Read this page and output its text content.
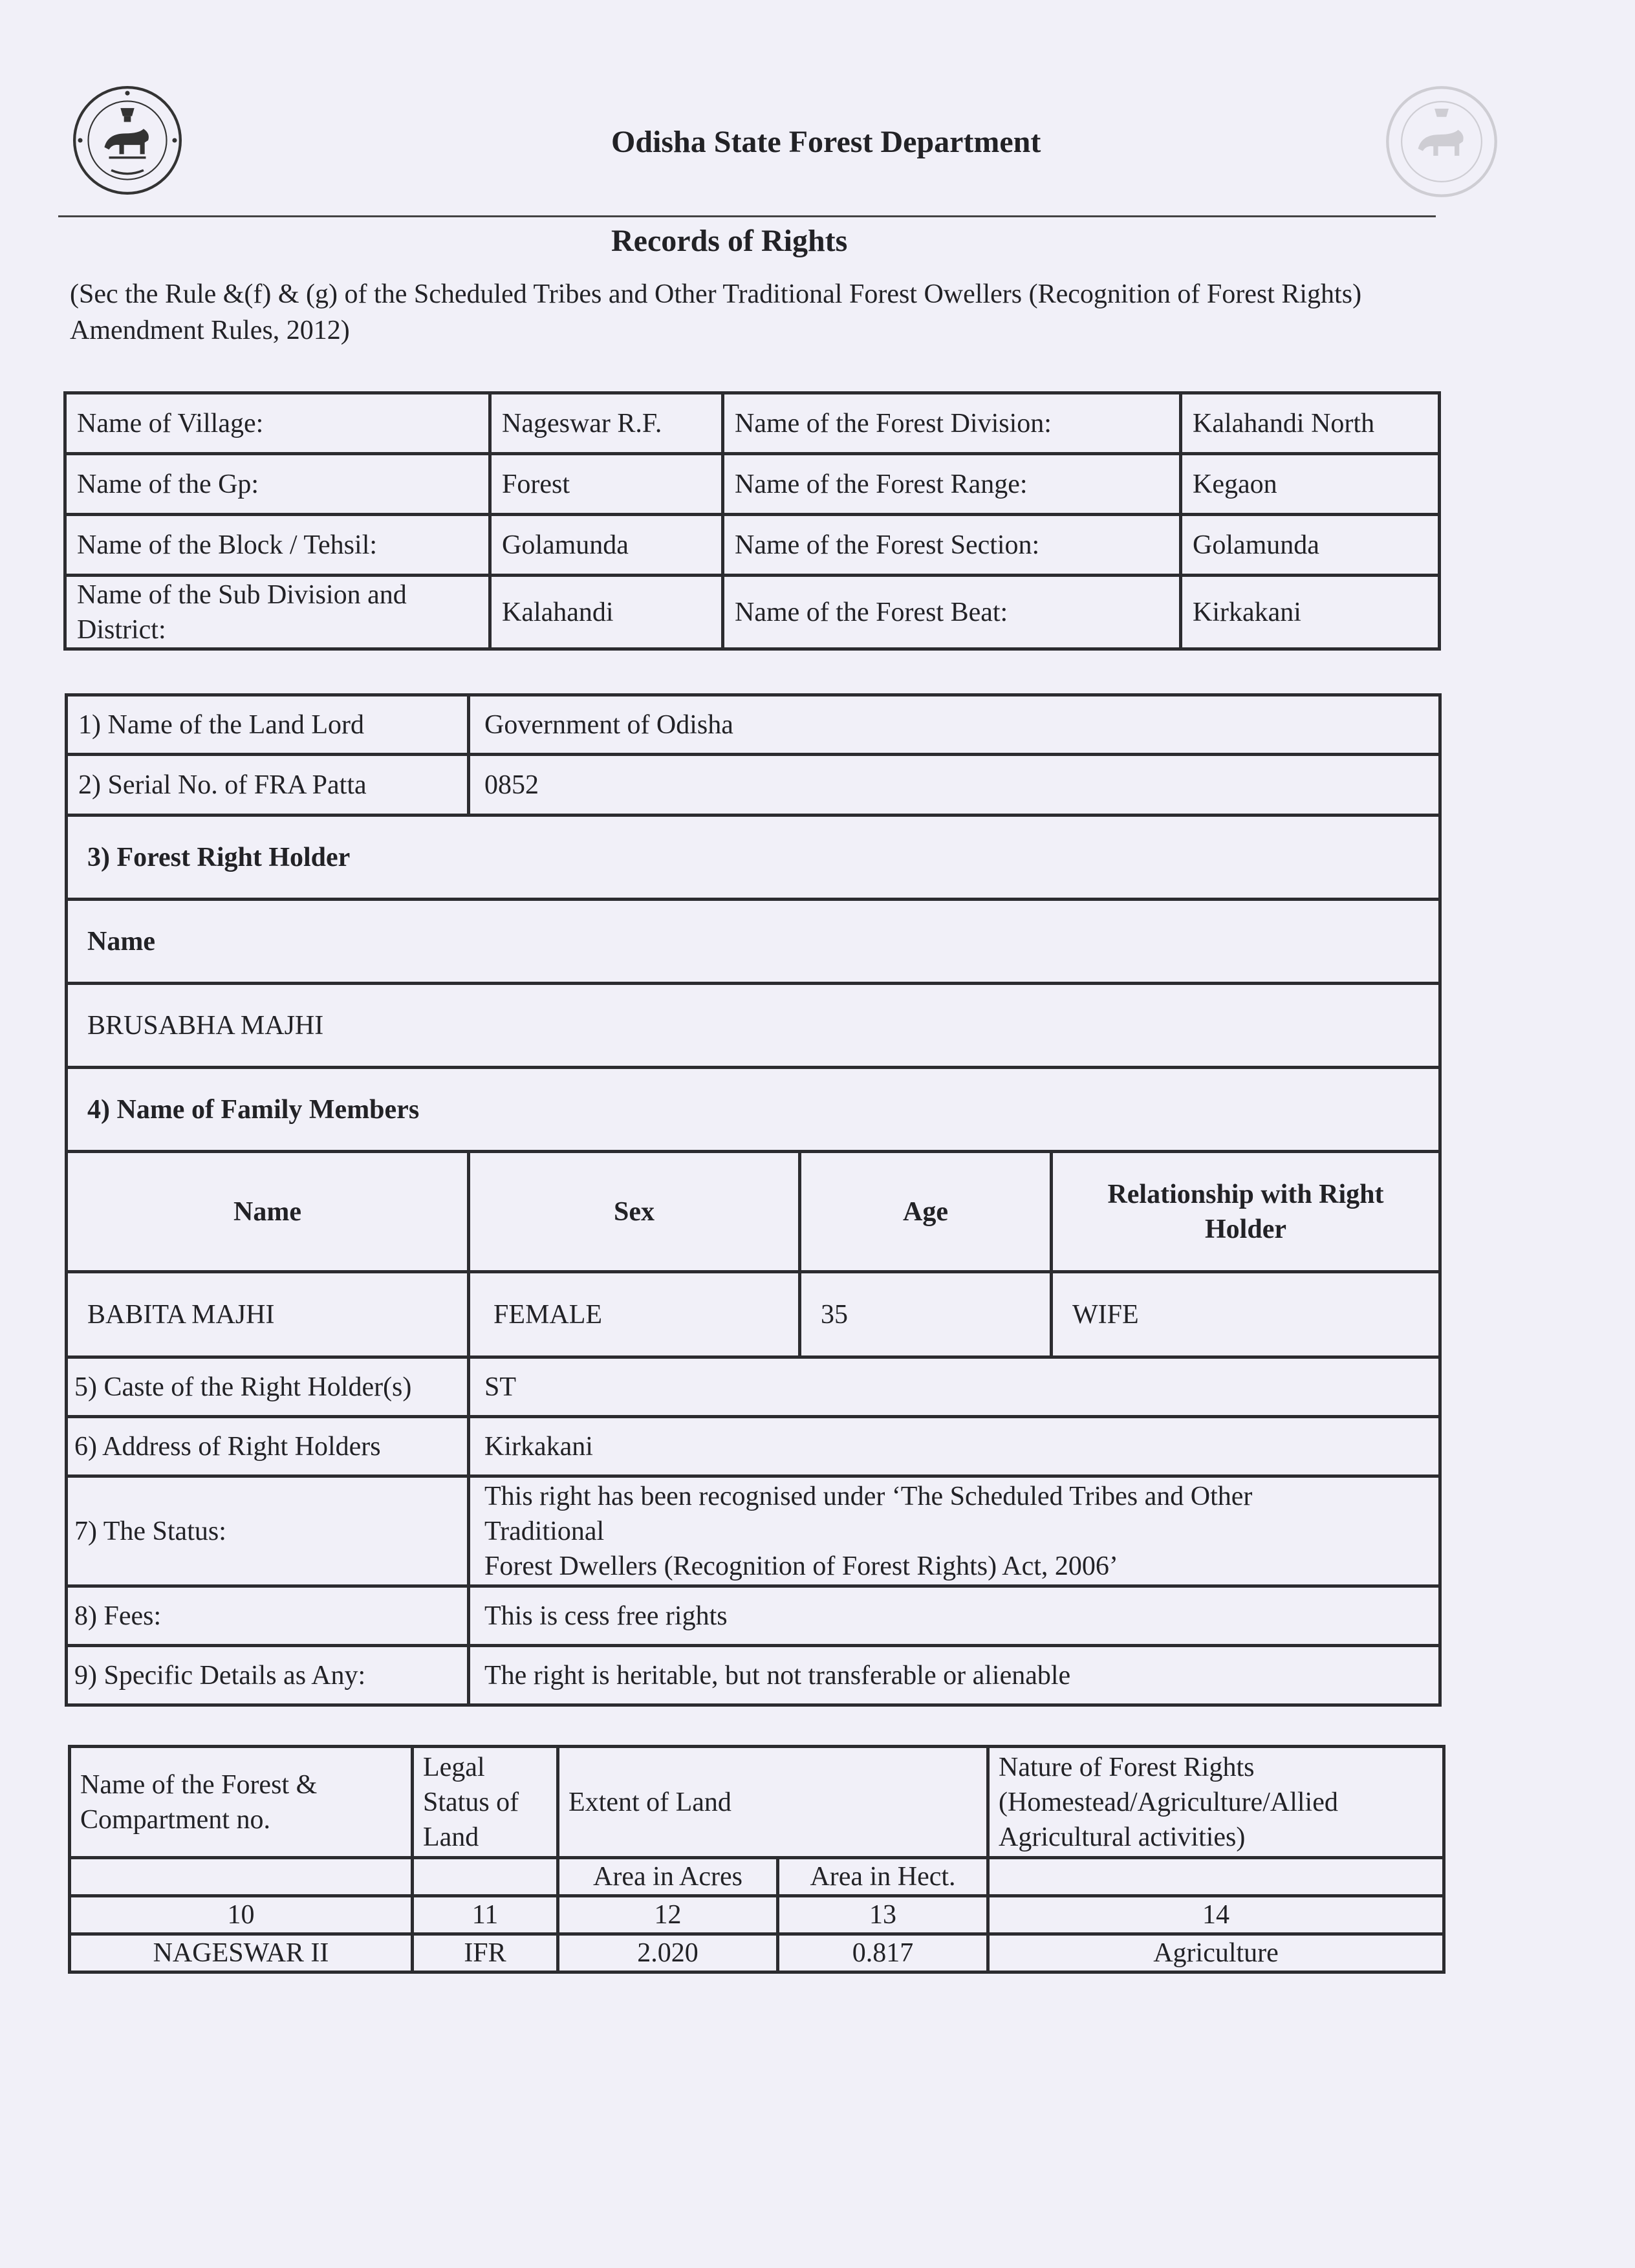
Odisha State Forest Department
Records of Rights
(Sec the Rule &(f) & (g) of the Scheduled Tribes and Other Traditional Forest Owellers (Recognition of Forest Rights) Amendment Rules, 2012)
Name of Village:	Nageswar R.F.	Name of the Forest Division:	Kalahandi North
Name of the Gp:	Forest	Name of the Forest Range:	Kegaon
Name of the Block / Tehsil:	Golamunda	Name of the Forest Section:	Golamunda
Name of the Sub Division and District:	Kalahandi	Name of the Forest Beat:	Kirkakani
1) Name of the Land Lord	Government of Odisha		
2) Serial No. of FRA Patta	0852		
3) Forest Right Holder			
Name			
BRUSABHA MAJHI			
4) Name of Family Members			
Name	Sex	Age	Relationship with Right Holder
BABITA MAJHI	FEMALE	35	WIFE
5) Caste of the Right Holder(s)	ST		
6) Address of Right Holders	Kirkakani		
7) The Status:	This right has been recognised under ‘The Scheduled Tribes and Other
Traditional
Forest Dwellers (Recognition of Forest Rights) Act, 2006’		

8) Fees:	This is cess free rights		
9) Specific Details as Any:	The right is heritable, but not transferable or alienable		
Name of the Forest & Compartment no.	Legal Status of Land	Extent of Land		Nature of Forest Rights (Homestead/Agriculture/Allied Agricultural activities)
		Area in Acres	Area in Hect.	
10	11	12	13	14
NAGESWAR II	IFR	2.020	0.817	Agriculture
